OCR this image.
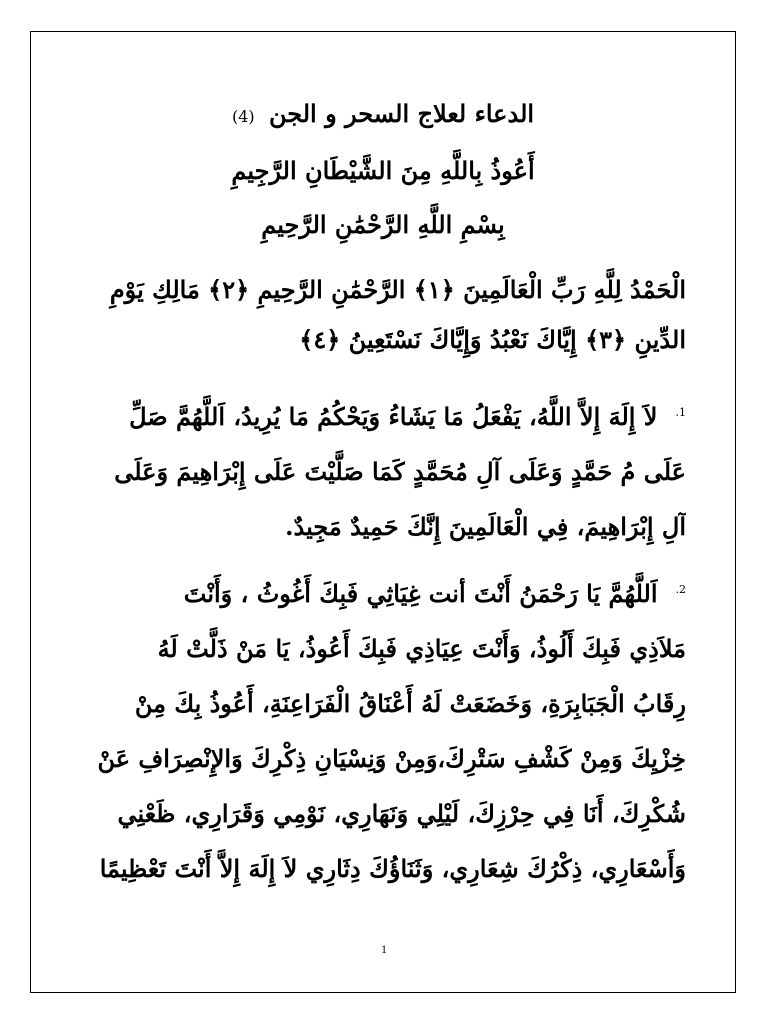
الدعاء لعلاج السحر و الجن (4)
أَعُوذُ بِاللَّهِ مِنَ الشَّيْطَانِ الرَّجِيمِ
بِسْمِ اللَّهِ الرَّحْمَٰنِ الرَّحِيمِ
الْحَمْدُ لِلَّهِ رَبِّ الْعَالَمِينَ ﴿١﴾ الرَّحْمَٰنِ الرَّحِيمِ ﴿٢﴾ مَالِكِ يَوْمِ
الدِّينِ ﴿٣﴾ إِيَّاكَ نَعْبُدُ وَإِيَّاكَ نَسْتَعِينُ ﴿٤﴾
$^{1.}$لاَ إِلَهَ إِلاَّ اللَّهُ، يَفْعَلُ مَا يَشَاءُ وَيَحْكُمُ مَا يُرِيدُ، اَللَّهُمَّ صَلِّ
عَلَى مُ حَمَّدٍ وَعَلَى آلِ مُحَمَّدٍ كَمَا صَلَّيْتَ عَلَى إِبْرَاهِيمَ وَعَلَى
آلِ إِبْرَاهِيمَ، فِي الْعَالَمِينَ إِنَّكَ حَمِيدٌ مَجِيدٌ.
$^{2.}$اَللَّهُمَّ يَا رَحْمَنُ أَنْتَ أنت غِيَاثِي فَبِكَ أَغُوثُ ، وَأَنْتَ
مَلاَذِي فَبِكَ أَلُوذُ، وَأَنْتَ عِيَاذِي فَبِكَ أَعُوذُ، يَا مَنْ ذَلَّتْ لَهُ
رِقَابُ الْجَبَابِرَةِ، وَخَضَعَتْ لَهُ أَعْنَاقُ الْفَرَاعِنَةِ، أَعُوذُ بِكَ مِنْ
خِزْيِكَ وَمِنْ كَشْفِ سَتْرِكَ،وَمِنْ وَنِسْيَانِ ذِكْرِكَ وَالإِنْصِرَافِ عَنْ
شُكْرِكَ، أَنَا فِي حِرْزِكَ، لَيْلِي وَنَهَارِي، نَوْمِي وَقَرَارِي، ظَعْنِي
وَأَسْعَارِي، ذِكْرُكَ شِعَارِي، وَثَنَاؤُكَ دِثَارِي لاَ إِلَهَ إِلاَّ أَنْتَ تَعْظِيمًا
1
